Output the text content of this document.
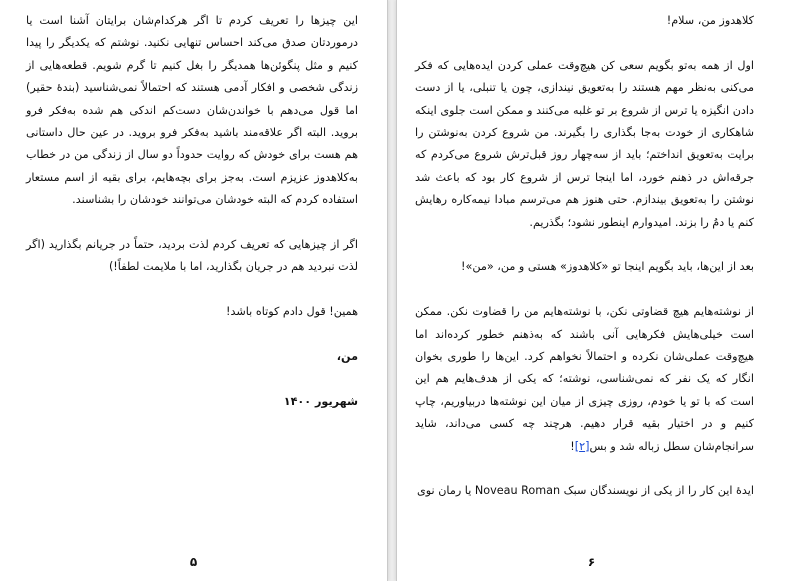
این چیزها را تعریف کردم تا اگر هرکدام‌شان برایتان آشنا است یا درموردتان صدق می‌کند احساس تنهایی نکنید. نوشتم که یکدیگر را پیدا کنیم و مثل پنگوئن‌ها همدیگر را بغل کنیم تا گرم شویم. قطعه‌هایی از زندگی شخصی و افکار آدمی هستند که احتمالاً نمی‌شناسید (بندهٔ حقیر) اما قول می‌دهم با خواندن‌شان دست‌کم اندکی هم شده به‌فکر فرو بروید. البته اگر علاقه‌مند باشید به‌فکر فرو بروید. در عین حال داستانی هم هست برای خودش که روایت حدوداً دو سال از زندگی من در خطاب به‌کلاهدوز عزیزم است. به‌جز برای بچه‌هایم، برای بقیه از اسم مستعار استفاده کردم که البته خودشان می‌توانند خودشان را بشناسند.

اگر از چیزهایی که تعریف کردم لذت بردید، حتماً در جریانم بگذارید (اگر لذت نبردید هم در جریان بگذارید، اما با ملایمت لطفاً!)

همین! قول دادم کوتاه باشد!

من،

شهریور ۱۴۰۰

۵

کلاهدوز من، سلام!

اول از همه به‌تو بگویم سعی کن هیچ‌وقت عملی کردن ایده‌هایی که فکر می‌کنی به‌نظر مهم هستند را به‌تعویق نیندازی، چون یا تنبلی، یا از دست دادن انگیزه یا ترس از شروع بر تو غلبه می‌کنند و ممکن است جلوی اینکه شاهکاری از خودت به‌جا بگذاری را بگیرند. من شروع کردن به‌نوشتن را برایت به‌تعویق انداختم؛ باید از سه‌چهار روز قبل‌ترش شروع می‌کردم که جرقه‌اش در ذهنم خورد، اما اینجا ترس از شروع کار بود که باعث شد نوشتن را به‌تعویق بیندازم. حتی هنوز هم می‌ترسم مبادا نیمه‌کاره رهایش کنم یا دمُ را بزند. امیدوارم اینطور نشود؛ بگذریم.

بعد از این‌ها، باید بگویم اینجا تو «کلاهدوز» هستی و من، «من»!

از نوشته‌هایم هیچ قضاوتی نکن، با نوشته‌هایم من را قضاوت نکن. ممکن است خیلی‌هایش فکرهایی آنی باشند که به‌ذهنم خطور کرده‌اند اما هیچ‌وقت عملی‌شان نکرده و احتمالاً نخواهم کرد. این‌ها را طوری بخوان انگار که یک نفر که نمی‌شناسی، نوشته؛ که یکی از هدف‌هایم هم این است که با تو یا خودم، روزی چیزی از میان این نوشته‌ها دربیاوریم، چاپ کنیم و در اختیار بقیه قرار دهیم. هرچند چه کسی می‌داند، شاید سرانجام‌شان سطل زباله شد و بس[۲]!

ایدهٔ این کار را از یکی از نویسندگان سبک Noveau Roman یا رمان نوی

۶
